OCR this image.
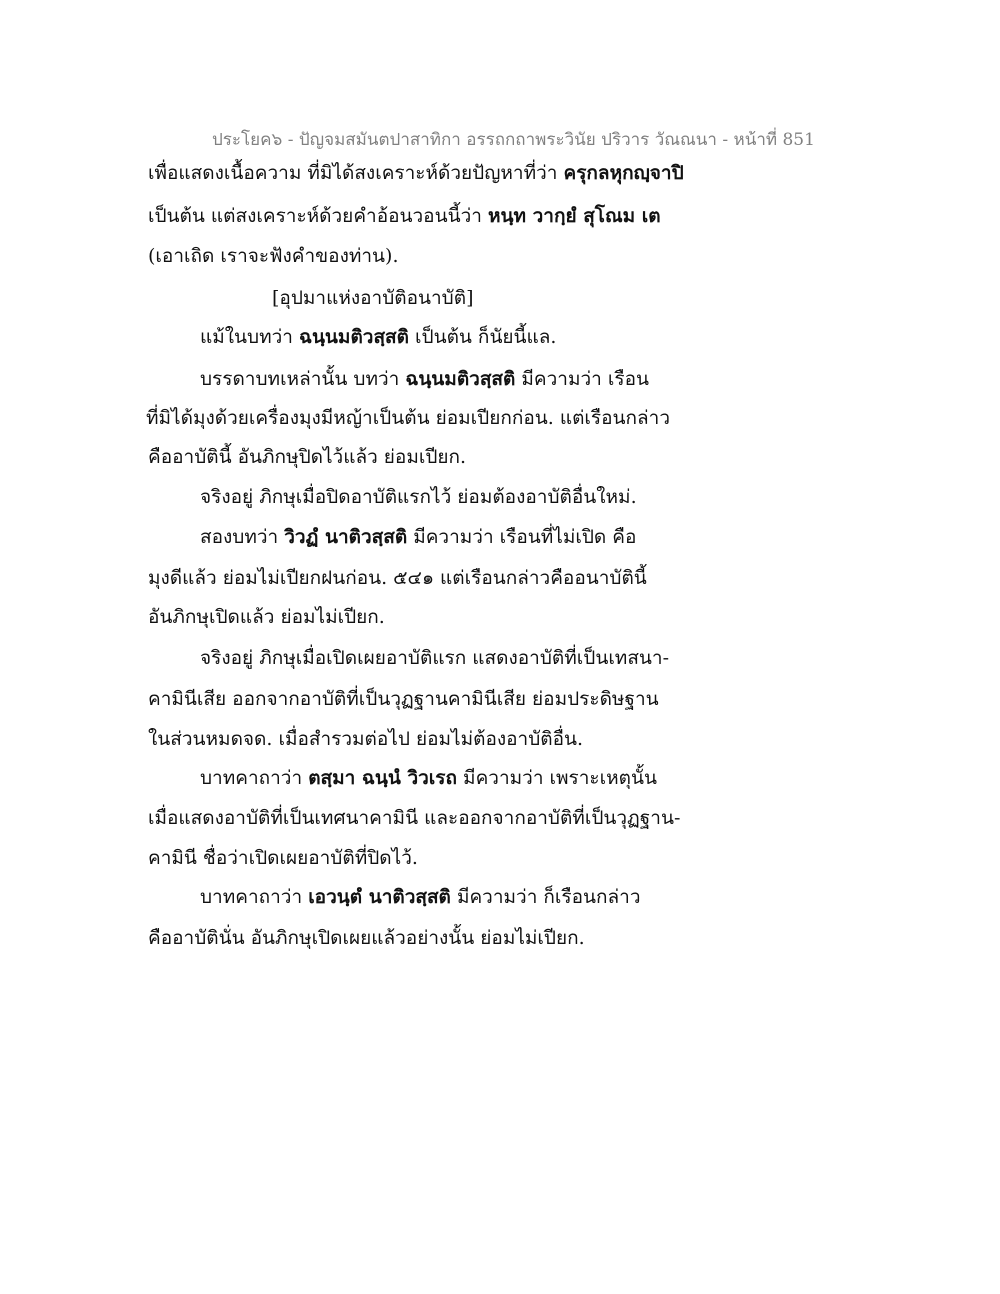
ประโยค๖ - ปัญจมสมันตปาสาทิกา อรรถกถาพระวินัย ปริวาร วัณณนา - หน้าที่ 851
เพื่อแสดงเนื้อความ ที่มิได้สงเคราะห์ด้วยปัญหาที่ว่า ครุกลหุกญฺจาปิ
เป็นต้น แต่สงเคราะห์ด้วยคำอ้อนวอนนี้ว่า หนฺท วากฺยํ สุโณม เต
(เอาเถิด เราจะฟังคำของท่าน).
[อุปมาแห่งอาบัติอนาบัติ]
แม้ในบทว่า ฉนฺนมติวสฺสติ เป็นต้น ก็นัยนี้แล.
บรรดาบทเหล่านั้น บทว่า ฉนฺนมติวสฺสติ มีความว่า เรือน
ที่มิได้มุงด้วยเครื่องมุงมีหญ้าเป็นต้น ย่อมเปียกก่อน. แต่เรือนกล่าว
คืออาบัตินี้ อันภิกษุปิดไว้แล้ว ย่อมเปียก.
จริงอยู่ ภิกษุเมื่อปิดอาบัติแรกไว้ ย่อมต้องอาบัติอื่นใหม่.
สองบทว่า วิวฏํ นาติวสฺสติ มีความว่า เรือนที่ไม่เปิด คือ
มุงดีแล้ว ย่อมไม่เปียกฝนก่อน. ๕๔๑ แต่เรือนกล่าวคืออนาบัตินี้
อันภิกษุเปิดแล้ว ย่อมไม่เปียก.
จริงอยู่ ภิกษุเมื่อเปิดเผยอาบัติแรก แสดงอาบัติที่เป็นเทสนา-
คามินีเสีย ออกจากอาบัติที่เป็นวุฏฐานคามินีเสีย ย่อมประดิษฐาน
ในส่วนหมดจด. เมื่อสำรวมต่อไป ย่อมไม่ต้องอาบัติอื่น.
บาทคาถาว่า ตสฺมา ฉนฺนํ วิวเรถ มีความว่า เพราะเหตุนั้น
เมื่อแสดงอาบัติที่เป็นเทศนาคามินี และออกจากอาบัติที่เป็นวุฏฐาน-
คามินี ชื่อว่าเปิดเผยอาบัติที่ปิดไว้.
บาทคาถาว่า เอวนฺตํ นาติวสฺสติ มีความว่า ก็เรือนกล่าว
คืออาบัตินั่น อันภิกษุเปิดเผยแล้วอย่างนั้น ย่อมไม่เปียก.
